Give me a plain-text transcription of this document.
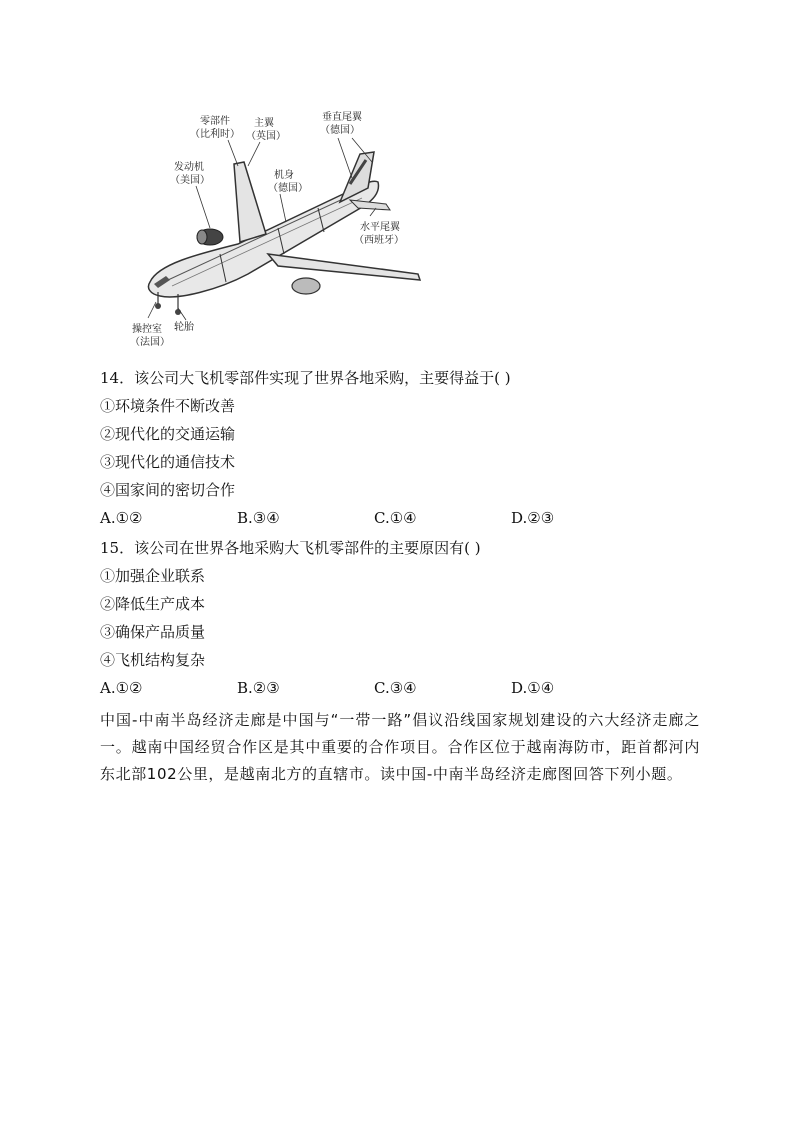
零部件
（比利时）
主翼
（英国）
垂直尾翼
（德国）
发动机
（美国）	机身
（德国）
水平尾翼
（西班牙）
操控室
（法国）
轮胎
14．该公司大飞机零部件实现了世界各地采购，主要得益于( )
①环境条件不断改善
②现代化的交通运输
③现代化的通信技术
④国家间的密切合作
A.①②	B.③④	C.①④	D.②③
15．该公司在世界各地采购大飞机零部件的主要原因有( )
①加强企业联系
②降低生产成本
③确保产品质量
④飞机结构复杂
A.①②	B.②③	C.③④	D.①④
中国-中南半岛经济走廊是中国与“一带一路”倡议沿线国家规划建设的六大经济走廊之一。越南中国经贸合作区是其中重要的合作项目。合作区位于越南海防市，距首都河内东北部102公里，是越南北方的直辖市。读中国-中南半岛经济走廊图回答下列小题。
